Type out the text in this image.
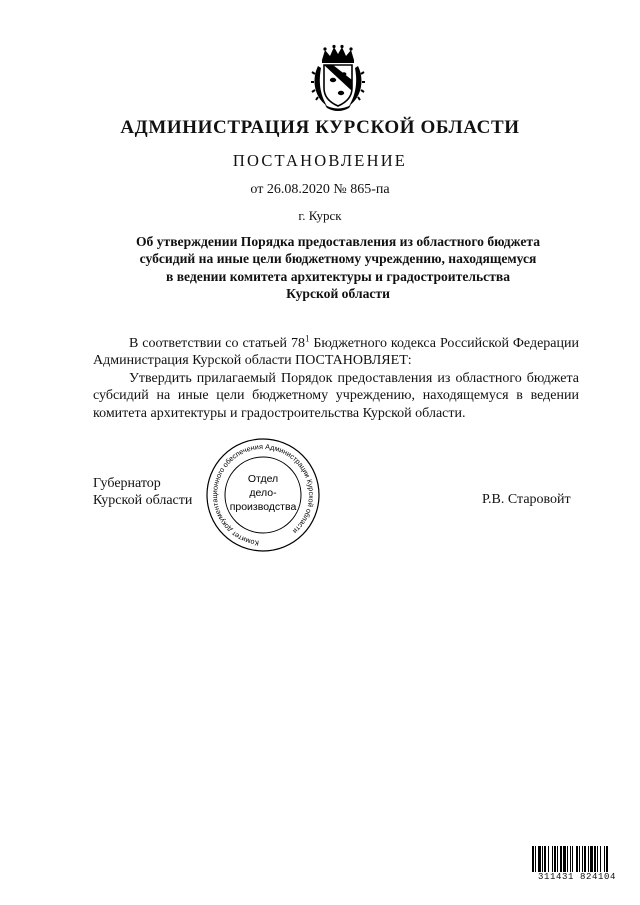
АДМИНИСТРАЦИЯ КУРСКОЙ ОБЛАСТИ
ПОСТАНОВЛЕНИЕ
от 26.08.2020 № 865-па
г. Курск
Об утверждении Порядка предоставления из областного бюджета
субсидий на иные цели бюджетному учреждению, находящемуся
в ведении комитета архитектуры и градостроительства
Курской области

В соответствии со статьей $78^1$ Бюджетного кодекса Российской Федерации Администрация Курской области ПОСТАНОВЛЯЕТ:

Утвердить прилагаемый Порядок предоставления из областного бюджета субсидий на иные цели бюджетному учреждению, находящемуся в ведении комитета архитектуры и градостроительства Курской области.

Губернатор
Курской области	Р.В. Старовойт
Комитет документационного обеспечения Администрации Курской области
Отдел
дело-
производства
311431 824104
